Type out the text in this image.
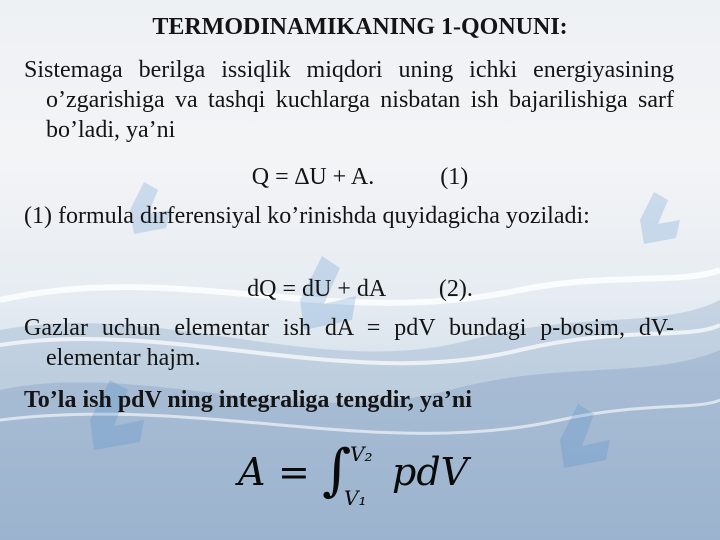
TERMODINAMIKANING 1-QONUNI:
Sistemaga berilga issiqlik miqdori uning ichki energiyasining o’zgarishiga va tashqi kuchlarga nisbatan ish bajarilishiga sarf bo’ladi, ya’ni
Q = ∆U + A.           (1)
(1) formula dirferensiyal ko’rinishda quyidagicha yoziladi:
dQ = dU + dA         (2).
Gazlar uchun elementar ish dA = pdV bundagi p-bosim, dV-elementar hajm.
To’la ish pdV ning integraliga tengdir, ya’ni
A = ∫
V₂
V₁
pdV
